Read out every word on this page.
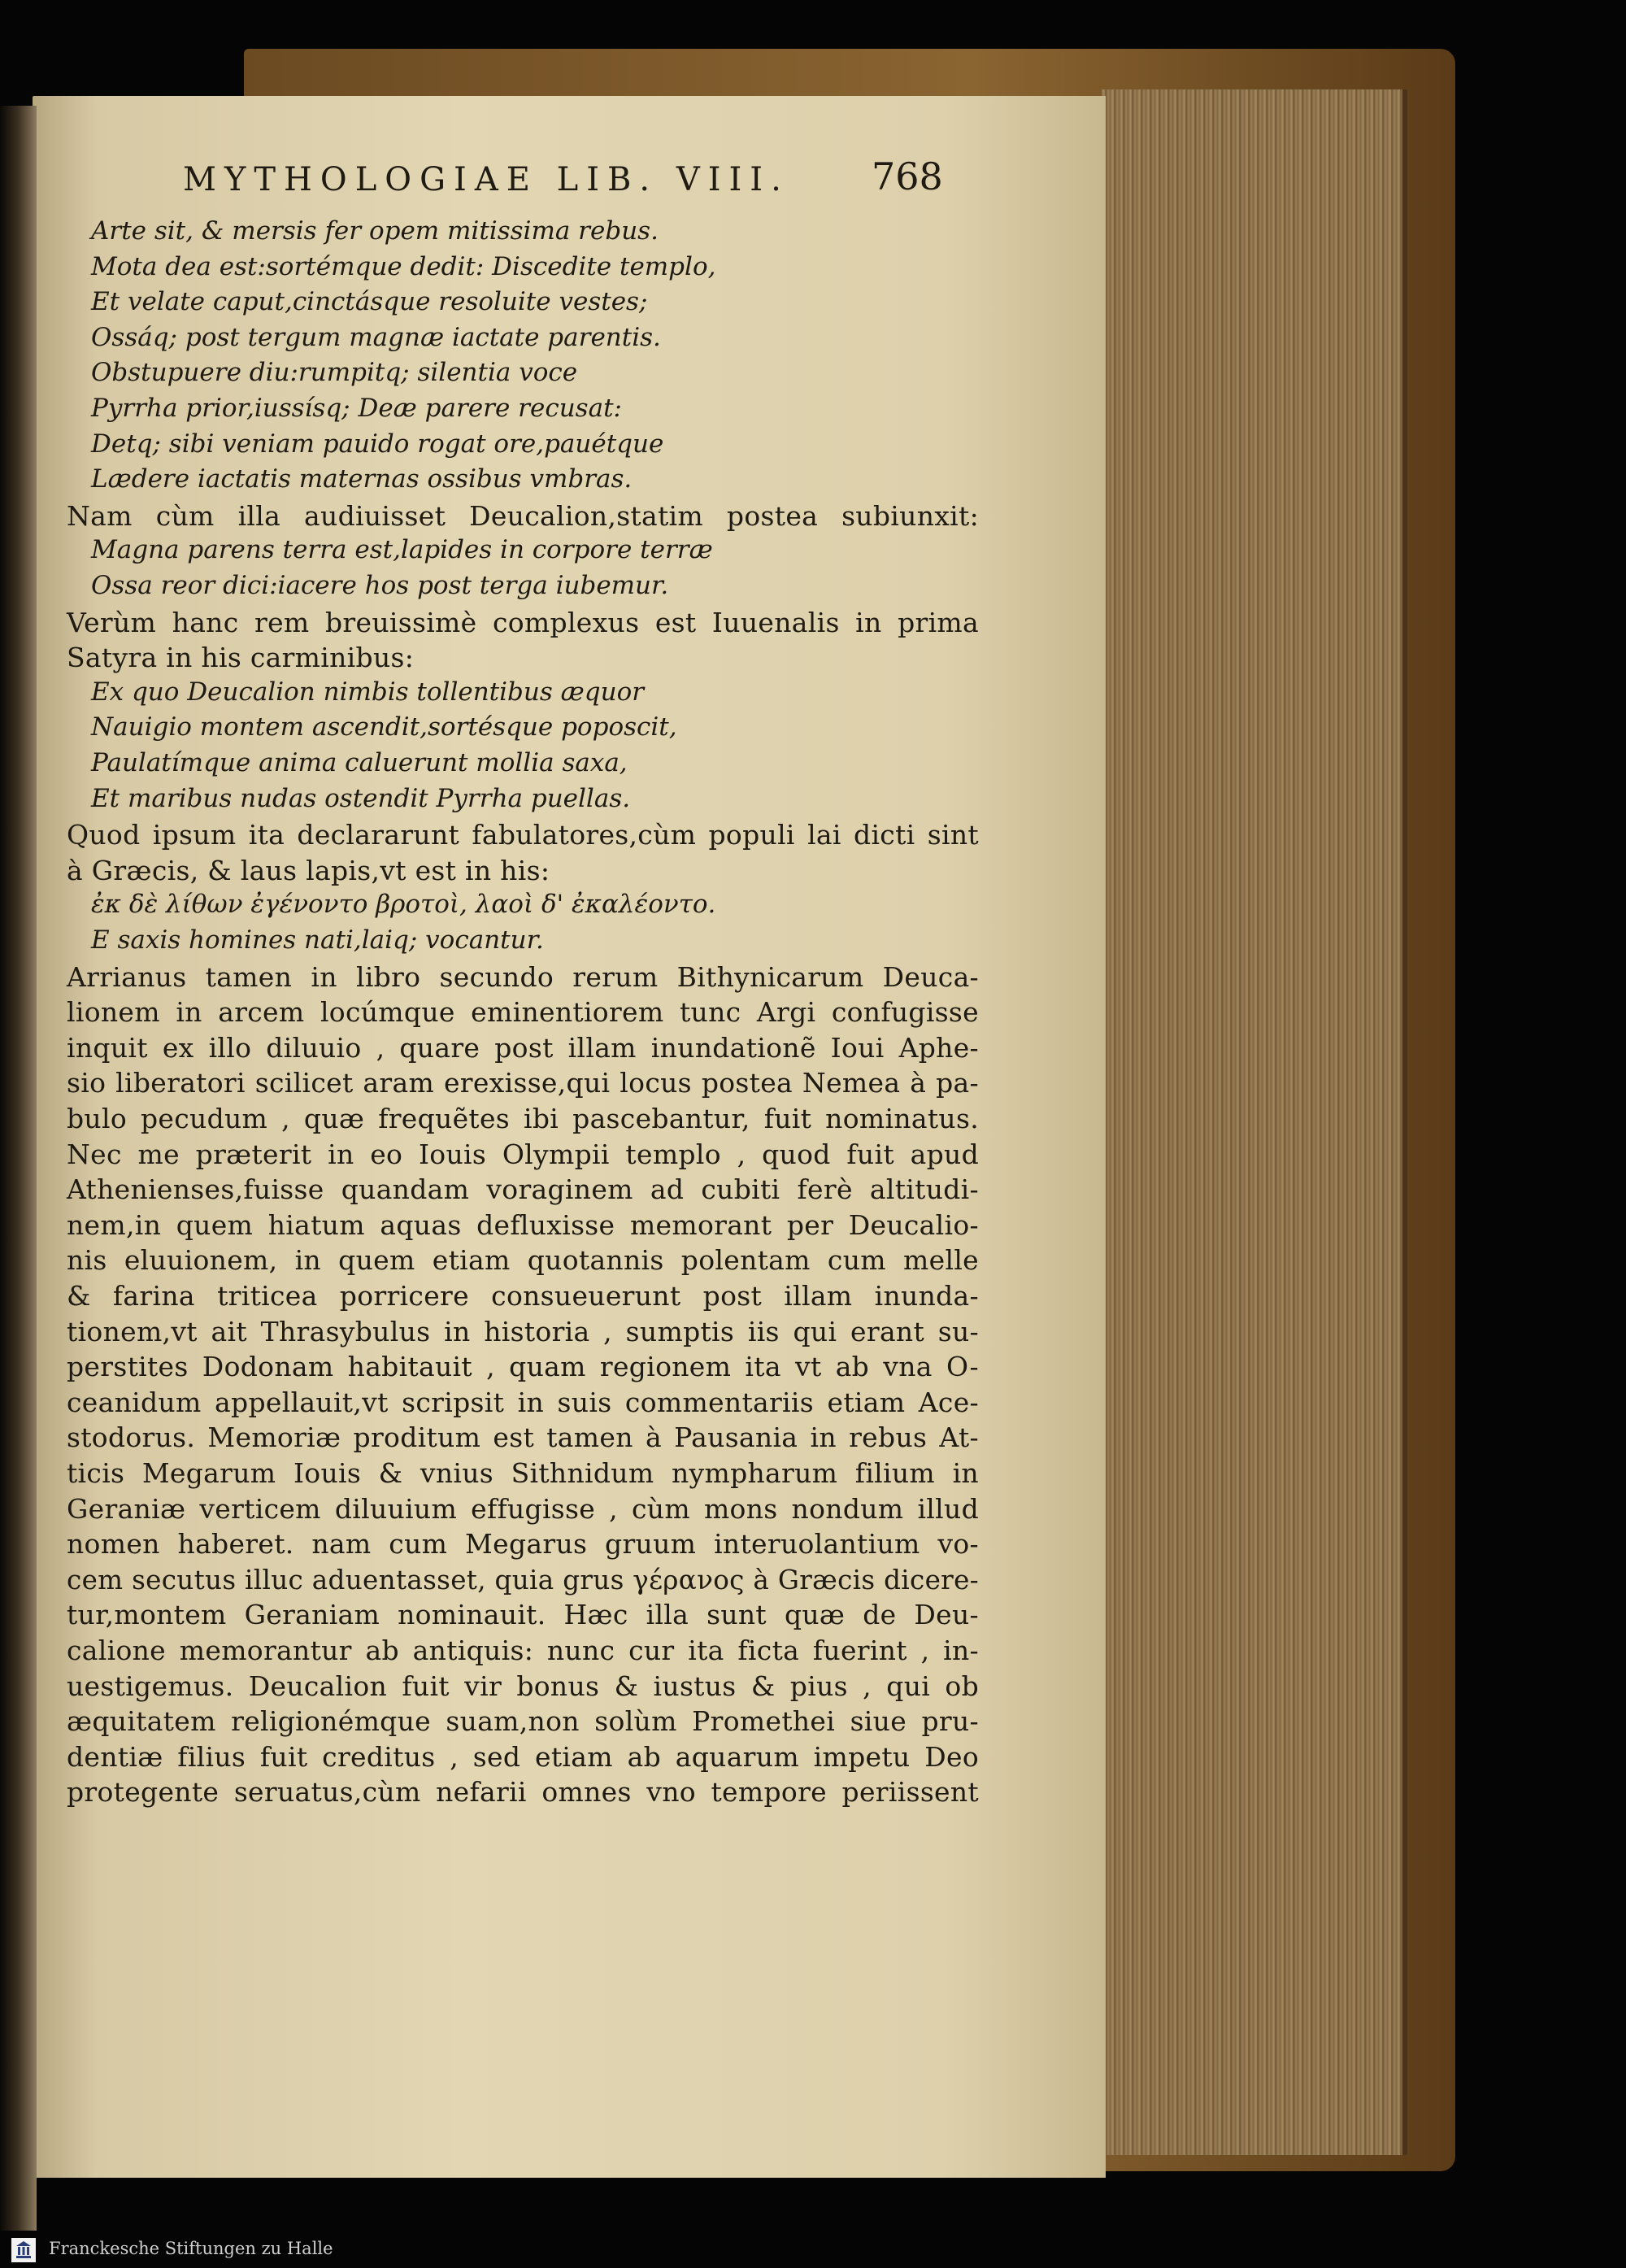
MYTHOLOGIAE LIB. VIII. 768
Arte sit, & mersis fer opem mitissima rebus.
Mota dea est:sortémque dedit: Discedite templo,
Et velate caput,cinctásque resoluite vestes;
Ossáq; post tergum magnæ iactate parentis.
Obstupuere diu:rumpitq; silentia voce
Pyrrha prior,iussísq; Deæ parere recusat:
Detq; sibi veniam pauido rogat ore,pauétque
Lædere iactatis maternas ossibus vmbras.
Nam cùm illa audiuisset Deucalion,statim postea subiunxit:
Magna parens terra est,lapides in corpore terræ
Ossa reor dici:iacere hos post terga iubemur.
Verùm hanc rem breuissimè complexus est Iuuenalis in prima
Satyra in his carminibus:
Ex quo Deucalion nimbis tollentibus æquor
Nauigio montem ascendit,sortésque poposcit,
Paulatímque anima caluerunt mollia saxa,
Et maribus nudas ostendit Pyrrha puellas.
Quod ipsum ita declararunt fabulatores,cùm populi lai dicti sint
à Græcis, & laus lapis,vt est in his:
ἐκ δὲ λίθων ἐγένοντο βροτοὶ, λαοὶ δ' ἐκαλέοντο.
E saxis homines nati,laiq; vocantur.
Arrianus tamen in libro secundo rerum Bithynicarum Deuca-
lionem in arcem locúmque eminentiorem tunc Argi confugisse
inquit ex illo diluuio , quare post illam inundationẽ Ioui Aphe-
sio liberatori scilicet aram erexisse,qui locus postea Nemea à pa-
bulo pecudum , quæ frequẽtes ibi pascebantur, fuit nominatus.
Nec me præterit in eo Iouis Olympii templo , quod fuit apud
Athenienses,fuisse quandam voraginem ad cubiti ferè altitudi-
nem,in quem hiatum aquas defluxisse memorant per Deucalio-
nis eluuionem, in quem etiam quotannis polentam cum melle
& farina triticea porricere consueuerunt post illam inunda-
tionem,vt ait Thrasybulus in historia , sumptis iis qui erant su-
perstites Dodonam habitauit , quam regionem ita vt ab vna O-
ceanidum appellauit,vt scripsit in suis commentariis etiam Ace-
stodorus. Memoriæ proditum est tamen à Pausania in rebus At-
ticis Megarum Iouis & vnius Sithnidum nympharum filium in
Geraniæ verticem diluuium effugisse , cùm mons nondum illud
nomen haberet. nam cum Megarus gruum interuolantium vo-
cem secutus illuc aduentasset, quia grus γέρανος à Græcis dicere-
tur,montem Geraniam nominauit. Hæc illa sunt quæ de Deu-
calione memorantur ab antiquis: nunc cur ita ficta fuerint , in-
uestigemus. Deucalion fuit vir bonus & iustus & pius , qui ob
æquitatem religionémque suam,non solùm Promethei siue pru-
dentiæ filius fuit creditus , sed etiam ab aquarum impetu Deo
protegente seruatus,cùm nefarii omnes vno tempore periissent
Franckesche Stiftungen zu Halle
